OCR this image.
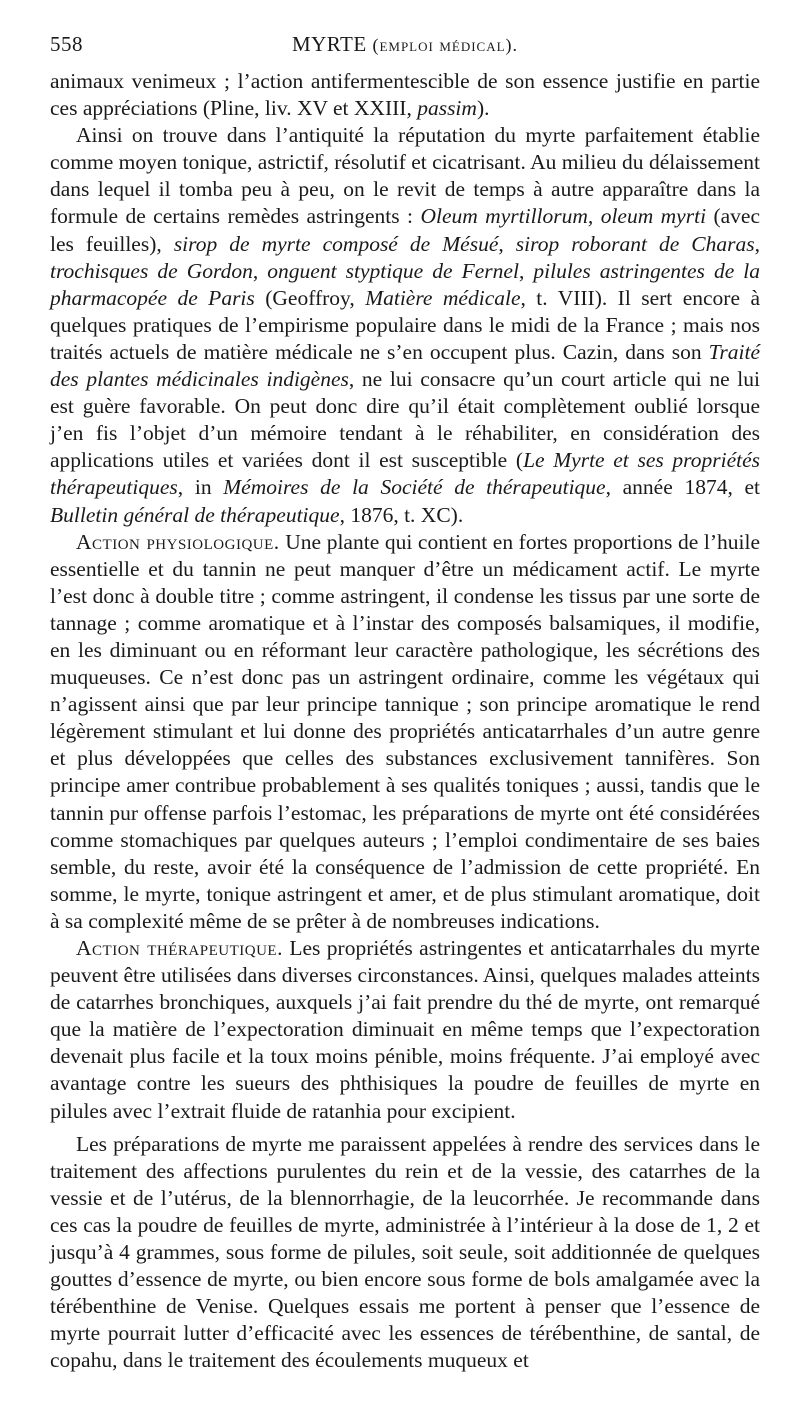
558	MYRTE (emploi médical).

animaux venimeux ; l’action antifermentescible de son essence justifie en partie ces appréciations (Pline, liv. XV et XXIII, passim).

Ainsi on trouve dans l’antiquité la réputation du myrte parfaitement établie comme moyen tonique, astrictif, résolutif et cicatrisant. Au milieu du délaissement dans lequel il tomba peu à peu, on le revit de temps à autre apparaître dans la formule de certains remèdes astringents : Oleum myrtillorum, oleum myrti (avec les feuilles), sirop de myrte composé de Mésué, sirop roborant de Charas, trochisques de Gordon, onguent styptique de Fernel, pilules astringentes de la pharmacopée de Paris (Geoffroy, Matière médicale, t. VIII). Il sert encore à quelques pratiques de l’empirisme populaire dans le midi de la France ; mais nos traités actuels de matière médicale ne s’en occupent plus. Cazin, dans son Traité des plantes médicinales indigènes, ne lui consacre qu’un court article qui ne lui est guère favorable. On peut donc dire qu’il était complètement oublié lorsque j’en fis l’objet d’un mémoire tendant à le réhabiliter, en considération des applications utiles et variées dont il est susceptible (Le Myrte et ses propriétés thérapeutiques, in Mémoires de la Société de thérapeutique, année 1874, et Bulletin général de thérapeutique, 1876, t. XC).

Action physiologique. Une plante qui contient en fortes proportions de l’huile essentielle et du tannin ne peut manquer d’être un médicament actif. Le myrte l’est donc à double titre ; comme astringent, il condense les tissus par une sorte de tannage ; comme aromatique et à l’instar des composés balsamiques, il modifie, en les diminuant ou en réformant leur caractère pathologique, les sécrétions des muqueuses. Ce n’est donc pas un astringent ordinaire, comme les végétaux qui n’agissent ainsi que par leur principe tannique ; son principe aromatique le rend légèrement stimulant et lui donne des propriétés anticatarrhales d’un autre genre et plus développées que celles des substances exclusivement tannifères. Son principe amer contribue probablement à ses qualités toniques ; aussi, tandis que le tannin pur offense parfois l’estomac, les préparations de myrte ont été considérées comme stomachiques par quelques auteurs ; l’emploi condimentaire de ses baies semble, du reste, avoir été la conséquence de l’admission de cette propriété. En somme, le myrte, tonique astringent et amer, et de plus stimulant aromatique, doit à sa complexité même de se prêter à de nombreuses indications.

Action thérapeutique. Les propriétés astringentes et anticatarrhales du myrte peuvent être utilisées dans diverses circonstances. Ainsi, quelques malades atteints de catarrhes bronchiques, auxquels j’ai fait prendre du thé de myrte, ont remarqué que la matière de l’expectoration diminuait en même temps que l’expectoration devenait plus facile et la toux moins pénible, moins fréquente. J’ai employé avec avantage contre les sueurs des phthisiques la poudre de feuilles de myrte en pilules avec l’extrait fluide de ratanhia pour excipient.

Les préparations de myrte me paraissent appelées à rendre des services dans le traitement des affections purulentes du rein et de la vessie, des catarrhes de la vessie et de l’utérus, de la blennorrhagie, de la leucorrhée. Je recommande dans ces cas la poudre de feuilles de myrte, administrée à l’intérieur à la dose de 1, 2 et jusqu’à 4 grammes, sous forme de pilules, soit seule, soit additionnée de quelques gouttes d’essence de myrte, ou bien encore sous forme de bols amalgamée avec la térébenthine de Venise. Quelques essais me portent à penser que l’essence de myrte pourrait lutter d’efficacité avec les essences de térébenthine, de santal, de copahu, dans le traitement des écoulements muqueux et
